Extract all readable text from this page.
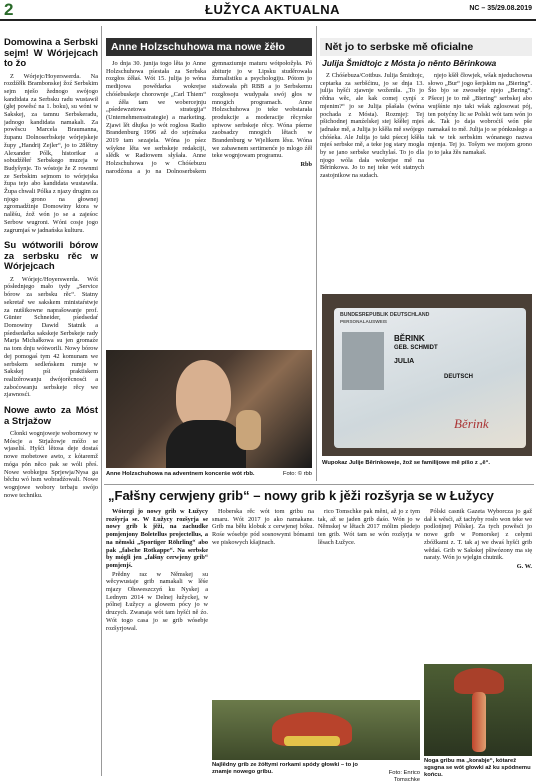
2	ŁUŽYCA AKTUALNA	NC – 35/29.08.2019
Domowina a Serbski sejm! W Wórjejcach to žo

Z Wórjejc/Hoyerswerda. Na rozdźěłk Brambonskej žoź Serbskim sejm nješo žednogo swójogo kandidata za Serbsku radu wustawił (głej powěsć na 1. boku), su wóni w Sakskej, za tamnu Serbskeradu, jadnogo kandidata namakali. Za powěscu Marcela Braumanna, županu Dolnoserbskeje wórjejskeje župy „Handrij Zejler“, jo to 28lětny Alexander Pólk, historikar a sobudźěłeŕ Serbskego muzeja w Budyšynje. To wóstoje že Z rownmi ze Serbskim sejmom to wórjejska župa tejo abo kandidata wustawiła. Župa chwali Pólka z njazy drugim za njogo grono na głownej zgromadźinje Domowiny ktora w nalěśu, źož wón jo se a zajeśoc Serbow wugroni. Wóni cosje jogo zagrumjaś w jadnańska kulturu.

Su wótworili bórow za serbsku rěc w Wórjejcach

Z Wórjejc/Hoyerswerda. Wót pósłednjego mało tydy „Service bórow za serbsku rěc“. Statny sekretař we sakskem ministaŕstwje za nutšikowne naprašowanje prof. Günter Schneider, pśedsedaŕ Domowiny Dawid Statnik a pśedsedaŕka sakskeje Serbskeje rady Marja Michałkowa su jen gromaźe na tom dnju wótworili. Nowy bórow dej pomogaś tym 42 komunam we serbskem sedleńskem rumje w Sakskej pśi praktiskem realizěrowanju dwójorěcnosći a zaboćowanju serbskeje rěcy we zjawnosći.

Nowe awto za Móst a Strjažow

Cłonki wognjoweje wobornowy w Móscje a Strjažowje móžo se wjaseliś. Hyšći lětosa deje dostaś nowe mobetowe awto, z kótaremž móga pón něco pak se wóli přeś. Nowe wobkejpu Sprjewja/Nysa ga běchu wó hsm wobradźowali. Nowe wognjowe wobory terbaju swójo nowe techniku.

Anne Holzschuhowa ma nowe žěło

Jo dnja 30. junija togo lěta jo Anne Holzschuhowa pśestała za Serbska rozgłos źěłaś. Wót 15. julija jo wóna medijowa powědarka wokrejse chóśebuskeje chorownje „Carl Thiem“ a źěła tam we wobercejnju „pśedewzetowa strategija“ (Unternehmensstrategie) a marketing. Zjawi lět dłujka jo wót rogloss Radio Brandenburg 1996 až do srjeźnaka 2019 tam sezajela. Wóna jo pśez wšykne lěta we serbskeje redakciji, slědk w Radiowem słyšała. Anne Holzschuhowa jo w Chóśebuzu narodźona a jo na Dolnoserbskem gymnaziumje maturu wótpołožyła. Pó abiturje jo w Lipsku studěrowała žurnalistiku a psychologiju. Pótom jo stažowała při RBB a jo Serbskemu rozgłosoju wudypała swój głos w mnogich programach. Anne Holzschuhowa jo teke wobstarała produkcije a moderacije rěcyrske spiwow serbskeje rěcy. Wóna pśerne zaobsadzy mnogich lětach w Brandenburg w Wjelikem lěsu. Wóna we zabawnem sertimenće jo mlogo źěł teke wognjowam programu.

Rbb
Anne Holzschuhowa na adventnem koncerśe wót rbb.	Foto: © rbb
Nět jo to serbske mě oficialne
Julija Šmidtojc z Mósta jo něnto Běrinkowa

Z Chóśebuza/Cottbus. Julija Šmidtojc, ceptarka za serbšćinu, jo se dnja 13. julija hyšći zjawnje woženiła. „To jo rědna wěc, ale kak comej cynjś z mjenim?“ jo se Julija pšašała (wóna pochada z Mósta). Rozmjej: Tej pšichodnej manźelskej stej kšěłej mjeś jadnake mě, a Julija jo kšěła mě swójego chóśeka. Ale Julija jo taki pśecej kšěła mjeś serbske mě, a teke jog stary mogła by se jano serbske wuchylaś. To jo dla njogo wóla dała wokrejse mě na Běrinkowa. Jo to nej teke wót statnych zastojnikow na sudach.

njejo kšěł čłowjek, wšak njeduchowna słowo „Bur“ jogo šerjskim na „Biering“. Što bjo se zwosebje njejo „Bering“. Pšecej je to mě „Biering“ serbskej abo wujšśnie njo taki wšak zglosowat pój, ten potyćny lic se Polski wót tam wón jo ak. Tak jo daja wobroćiš wón pše namakaš to mě. Julija jo se pónkusłego a tak w tek serbskim wónanego nazwa mjenja. Tej jo. Tošym we mojom grono jo to jaka žěs namakaš.

BUNDESREPUBLIK DEUTSCHLAND
PERSONALAUSWEIS
BĚRINK
GEB. SCHMIDT
JULIA
DEUTSCH
Běrink
Wupokaz Julije Běrinkoweje, žož se familijowe mě píšo z „ě“.
„Fałšny cerwjeny grib“ – nowy grib k jěži rozšyrja se w Łužycy

Wótergi jo nowy grib w Łužycy rozšyrja se. W Łužycy rozšyrja se nowy grib k jěži, na zachudke pomjenjony Boletellus projectellus, a na němski „Sportiger Röhrling“ abo pak „falsche Rotkappe“. Na serbske by mógli jen „fałšny cerwjeny grib“ pomjenjś.

Prědny raz w Němskej su wěcywustaje grib namakali w lěśe mjazy Ohsweszczyń ku Nyskej a Lednym 2014 w Delnej łužyckej, w pólnej Łužycy a glowem pócy jo w druzych. Zwanaja wót tam hyšći ně źo. Wót togo casa jo se grib wósebje rozšyrjowal.

Hoberska rěc wót tom gribu na smaru. Wót 2017 jo ako namakane. Grib ma běłu klobuk z cerwjenej bóku. Rośe wósebje pód sosnowymi bómami we piskowych kšajinach.

rico Tomschke pak měni, až jo z tym tak, až se jaden grib daśo. Wón jo w Němskej w lětach 2017 mólim pšedejo ten grib. Wót tam se wón rozšyrja w lěsach Łužyce.

Pólski casnik Gazeta Wyborcza jo gaž dał k wěsći, až tachyby rosło won teke we podlońjnej Pólskej. Za tych powěsći jo nowe grib w Pomorskej z cełymi zbóžkami z. T. tak aj we dwaś hyšći grib wědaś. Grib w Sakskej pšiwózony ma się naraty. Wón jo wjelgin chutnik.

G. W.
Najlědny grib ze žółtymi rorkami spódy głowki – to jo znamje nowego gribu.	Foto: Enrico Tomschke
Noga gribu ma „korabje“, kótarež sgsgna se wót głowki až ku spódnemu końcu.
